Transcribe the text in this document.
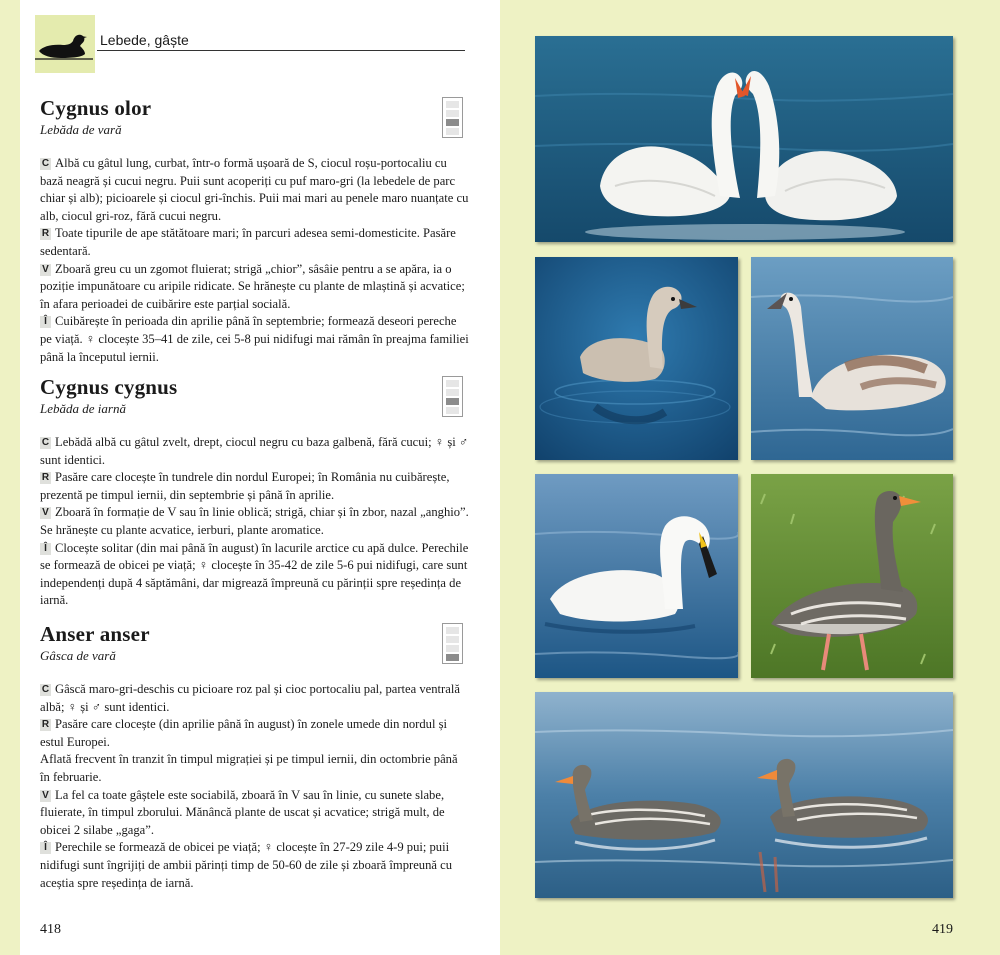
Lebede, gâște
Cygnus olor
Lebăda de vară
C Albă cu gâtul lung, curbat, într-o formă ușoară de S, ciocul roșu-portocaliu cu bază neagră și cucui negru. Puii sunt acoperiți cu puf maro-gri (la lebedele de parc chiar și alb); picioarele și ciocul gri-închis. Puii mai mari au penele maro nuanțate cu alb, ciocul gri-roz, fără cucui negru.
R Toate tipurile de ape stătătoare mari; în parcuri adesea semi-domesticite. Pasăre sedentară.
V Zboară greu cu un zgomot fluierat; strigă „chior”, sâsâie pentru a se apăra, ia o poziție impunătoare cu aripile ridicate. Se hrănește cu plante de mlaștină și acvatice; în afara perioadei de cuibărire este parțial socială.
Î Cuibărește în perioada din aprilie până în septembrie; formează deseori pereche pe viață. ♀ clocește 35–41 de zile, cei 5-8 pui nidifugi mai rămân în preajma familiei până la începutul iernii.
Cygnus cygnus
Lebăda de iarnă
C Lebădă albă cu gâtul zvelt, drept, ciocul negru cu baza galbenă, fără cucui; ♀ și ♂ sunt identici.
R Pasăre care clocește în tundrele din nordul Europei; în România nu cuibărește, prezentă pe timpul iernii, din septembrie și până în aprilie.
V Zboară în formație de V sau în linie oblică; strigă, chiar și în zbor, nazal „anghio”. Se hrănește cu plante acvatice, ierburi, plante aromatice.
Î Clocește solitar (din mai până în august) în lacurile arctice cu apă dulce. Perechile se formează de obicei pe viață; ♀ clocește în 35-42 de zile 5-6 pui nidifugi, care sunt independenți după 4 săptămâni, dar migrează împreună cu părinții spre reședința de iarnă.
Anser anser
Gâsca de vară
C Gâscă maro-gri-deschis cu picioare roz pal și cioc portocaliu pal, partea ventrală albă; ♀ și ♂ sunt identici.
R Pasăre care clocește (din aprilie până în august) în zonele umede din nordul și estul Europei.
Aflată frecvent în tranzit în timpul migrației și pe timpul iernii, din octombrie până în februarie.
V La fel ca toate gâștele este sociabilă, zboară în V sau în linie, cu sunete slabe, fluierate, în timpul zborului. Mănâncă plante de uscat și acvatice; strigă mult, de obicei 2 silabe „gaga”.
Î Perechile se formează de obicei pe viață; ♀ clocește în 27-29 zile 4-9 pui; puii nidifugi sunt îngrijiți de ambii părinți timp de 50-60 de zile și zboară împreună cu aceștia spre reședința de iarnă.
418	419
